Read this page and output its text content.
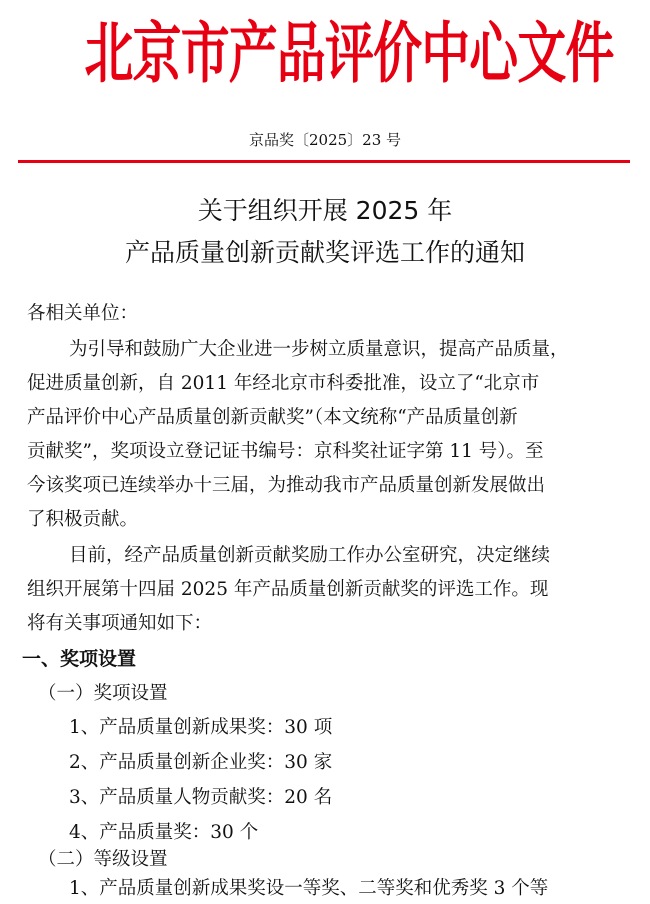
北京市产品评价中心文件
京品奖〔2025〕23 号
关于组织开展 2025 年
产品质量创新贡献奖评选工作的通知
各相关单位：
为引导和鼓励广大企业进一步树立质量意识，提高产品质量，
促进质量创新，自 2011 年经北京市科委批准，设立了“北京市
产品评价中心产品质量创新贡献奖”（本文统称“产品质量创新
贡献奖”，奖项设立登记证书编号：京科奖社证字第 11 号）。至
今该奖项已连续举办十三届，为推动我市产品质量创新发展做出
了积极贡献。
目前，经产品质量创新贡献奖励工作办公室研究，决定继续
组织开展第十四届 2025 年产品质量创新贡献奖的评选工作。现
将有关事项通知如下：
一、奖项设置
（一）奖项设置
1、产品质量创新成果奖：30 项
2、产品质量创新企业奖：30 家
3、产品质量人物贡献奖：20 名
4、产品质量奖：30 个
（二）等级设置
1、产品质量创新成果奖设一等奖、二等奖和优秀奖 3 个等
